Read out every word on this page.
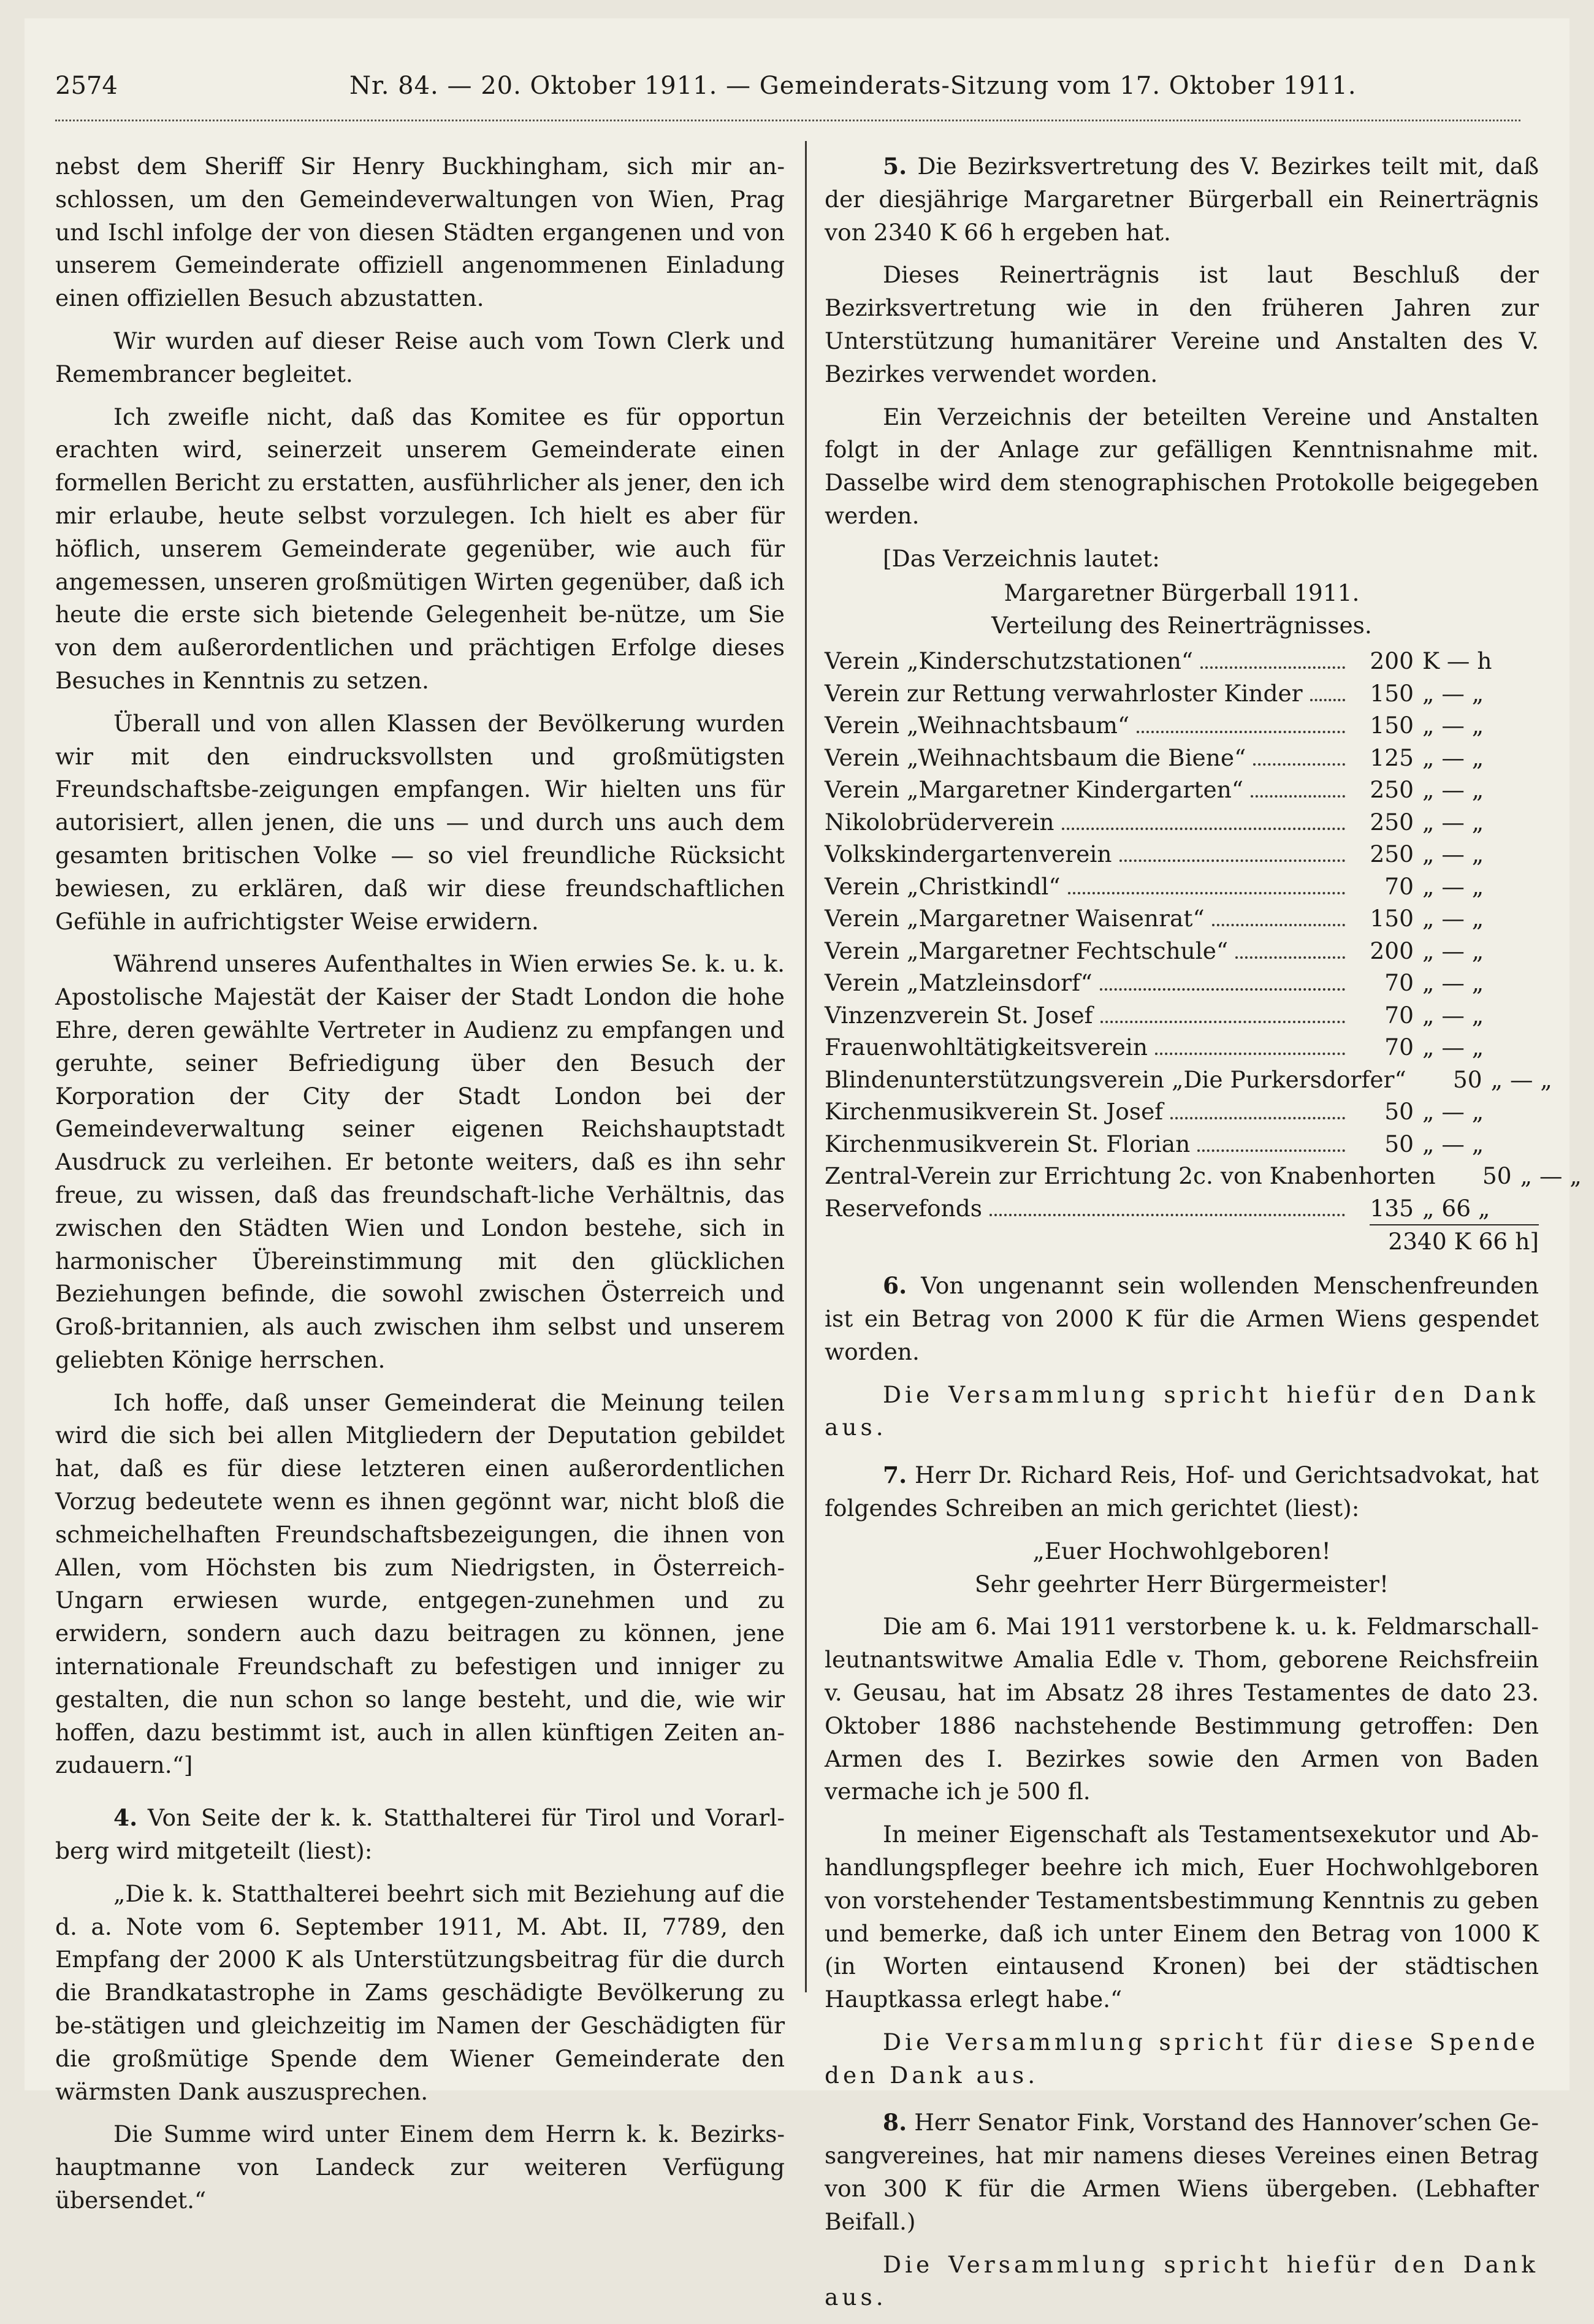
2574	Nr. 84. — 20. Oktober 1911. — Gemeinderats-Sitzung vom 17. Oktober 1911.

nebst dem Sheriff Sir Henry Buckhingham, sich mir an-schlossen, um den Gemeindeverwaltungen von Wien, Prag und Ischl infolge der von diesen Städten ergangenen und von unserem Gemeinderate offiziell angenommenen Einladung einen offiziellen Besuch abzustatten.

Wir wurden auf dieser Reise auch vom Town Clerk und Remembrancer begleitet.

Ich zweifle nicht, daß das Komitee es für opportun erachten wird, seinerzeit unserem Gemeinderate einen formellen Bericht zu erstatten, ausführlicher als jener, den ich mir erlaube, heute selbst vorzulegen. Ich hielt es aber für höflich, unserem Gemeinderate gegenüber, wie auch für angemessen, unseren großmütigen Wirten gegenüber, daß ich heute die erste sich bietende Gelegenheit be-nütze, um Sie von dem außerordentlichen und prächtigen Erfolge dieses Besuches in Kenntnis zu setzen.

Überall und von allen Klassen der Bevölkerung wurden wir mit den eindrucksvollsten und großmütigsten Freundschaftsbe-zeigungen empfangen. Wir hielten uns für autorisiert, allen jenen, die uns — und durch uns auch dem gesamten britischen Volke — so viel freundliche Rücksicht bewiesen, zu erklären, daß wir diese freundschaftlichen Gefühle in aufrichtigster Weise erwidern.

Während unseres Aufenthaltes in Wien erwies Se. k. u. k. Apostolische Majestät der Kaiser der Stadt London die hohe Ehre, deren gewählte Vertreter in Audienz zu empfangen und geruhte, seiner Befriedigung über den Besuch der Korporation der City der Stadt London bei der Gemeindeverwaltung seiner eigenen Reichshauptstadt Ausdruck zu verleihen. Er betonte weiters, daß es ihn sehr freue, zu wissen, daß das freundschaft-liche Verhältnis, das zwischen den Städten Wien und London bestehe, sich in harmonischer Übereinstimmung mit den glücklichen Beziehungen befinde, die sowohl zwischen Österreich und Groß-britannien, als auch zwischen ihm selbst und unserem geliebten Könige herrschen.

Ich hoffe, daß unser Gemeinderat die Meinung teilen wird die sich bei allen Mitgliedern der Deputation gebildet hat, daß es für diese letzteren einen außerordentlichen Vorzug bedeutete wenn es ihnen gegönnt war, nicht bloß die schmeichelhaften Freundschaftsbezeigungen, die ihnen von Allen, vom Höchsten bis zum Niedrigsten, in Österreich-Ungarn erwiesen wurde, entgegen-zunehmen und zu erwidern, sondern auch dazu beitragen zu können, jene internationale Freundschaft zu befestigen und inniger zu gestalten, die nun schon so lange besteht, und die, wie wir hoffen, dazu bestimmt ist, auch in allen künftigen Zeiten an-zudauern.“]

4. Von Seite der k. k. Statthalterei für Tirol und Vorarl-berg wird mitgeteilt (liest):

„Die k. k. Statthalterei beehrt sich mit Beziehung auf die d. a. Note vom 6. September 1911, M. Abt. II, 7789, den Empfang der 2000 K als Unterstützungsbeitrag für die durch die Brandkatastrophe in Zams geschädigte Bevölkerung zu be-stätigen und gleichzeitig im Namen der Geschädigten für die großmütige Spende dem Wiener Gemeinderate den wärmsten Dank auszusprechen.

Die Summe wird unter Einem dem Herrn k. k. Bezirks-hauptmanne von Landeck zur weiteren Verfügung übersendet.“

5. Die Bezirksvertretung des V. Bezirkes teilt mit, daß der diesjährige Margaretner Bürgerball ein Reinerträgnis von 2340 K 66 h ergeben hat.

Dieses Reinerträgnis ist laut Beschluß der Bezirksvertretung wie in den früheren Jahren zur Unterstützung humanitärer Vereine und Anstalten des V. Bezirkes verwendet worden.

Ein Verzeichnis der beteilten Vereine und Anstalten folgt in der Anlage zur gefälligen Kenntnisnahme mit. Dasselbe wird dem stenographischen Protokolle beigegeben werden.

[Das Verzeichnis lautet:

Margaretner Bürgerball 1911.

Verteilung des Reinerträgnisses.

Verein „Kinderschutzstationen“	200 K — h
Verein zur Rettung verwahrloster Kinder	150 „ — „
Verein „Weihnachtsbaum“	150 „ — „
Verein „Weihnachtsbaum die Biene“	125 „ — „
Verein „Margaretner Kindergarten“	250 „ — „
Nikolobrüderverein	250 „ — „
Volkskindergartenverein	250 „ — „
Verein „Christkindl“	70 „ — „
Verein „Margaretner Waisenrat“	150 „ — „
Verein „Margaretner Fechtschule“	200 „ — „
Verein „Matzleinsdorf“	70 „ — „
Vinzenzverein St. Josef	70 „ — „
Frauenwohltätigkeitsverein	70 „ — „
Blindenunterstützungsverein „Die Purkersdorfer“	50 „ — „
Kirchenmusikverein St. Josef	50 „ — „
Kirchenmusikverein St. Florian	50 „ — „
Zentral-Verein zur Errichtung 2c. von Knabenhorten	50 „ — „
Reservefonds	135 „ 66 „
2340 K 66 h]

6. Von ungenannt sein wollenden Menschenfreunden ist ein Betrag von 2000 K für die Armen Wiens gespendet worden.

Die Versammlung spricht hiefür den Dank aus.

7. Herr Dr. Richard Reis, Hof- und Gerichtsadvokat, hat folgendes Schreiben an mich gerichtet (liest):

„Euer Hochwohlgeboren!

Sehr geehrter Herr Bürgermeister!

Die am 6. Mai 1911 verstorbene k. u. k. Feldmarschall-leutnantswitwe Amalia Edle v. Thom, geborene Reichsfreiin v. Geusau, hat im Absatz 28 ihres Testamentes de dato 23. Oktober 1886 nachstehende Bestimmung getroffen: Den Armen des I. Bezirkes sowie den Armen von Baden vermache ich je 500 fl.

In meiner Eigenschaft als Testamentsexekutor und Ab-handlungspfleger beehre ich mich, Euer Hochwohlgeboren von vorstehender Testamentsbestimmung Kenntnis zu geben und bemerke, daß ich unter Einem den Betrag von 1000 K (in Worten eintausend Kronen) bei der städtischen Hauptkassa erlegt habe.“

Die Versammlung spricht für diese Spende den Dank aus.

8. Herr Senator Fink, Vorstand des Hannover’schen Ge-sangvereines, hat mir namens dieses Vereines einen Betrag von 300 K für die Armen Wiens übergeben. (Lebhafter Beifall.)

Die Versammlung spricht hiefür den Dank aus.
